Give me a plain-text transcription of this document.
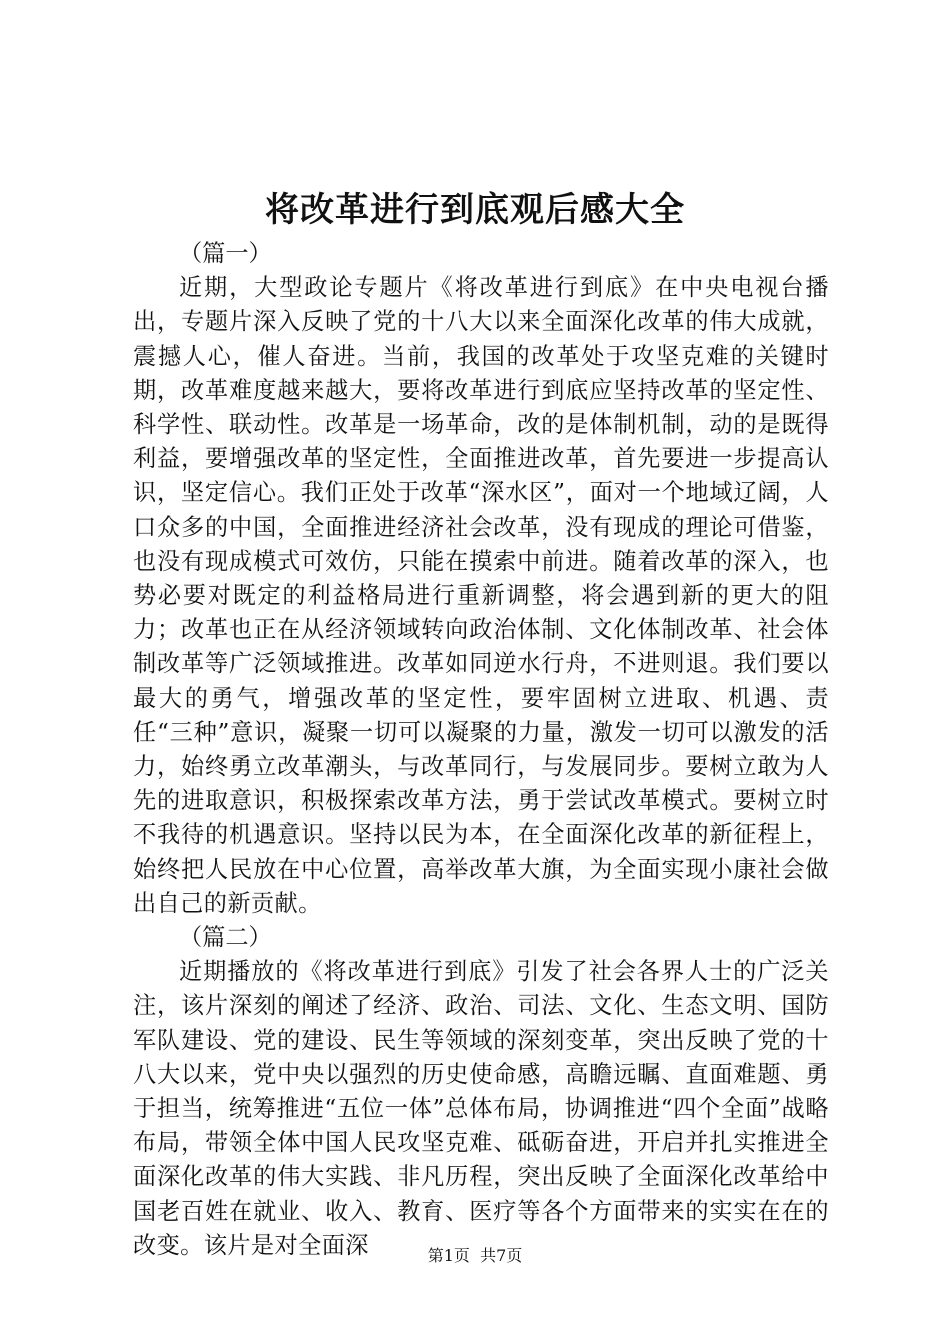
将改革进行到底观后感大全

（篇一）

近期，大型政论专题片《将改革进行到底》在中央电视台播出，专题片深入反映了党的十八大以来全面深化改革的伟大成就，震撼人心，催人奋进。当前，我国的改革处于攻坚克难的关键时期，改革难度越来越大，要将改革进行到底应坚持改革的坚定性、科学性、联动性。改革是一场革命，改的是体制机制，动的是既得利益，要增强改革的坚定性，全面推进改革，首先要进一步提高认识，坚定信心。我们正处于改革“深水区”，面对一个地域辽阔，人口众多的中国，全面推进经济社会改革，没有现成的理论可借鉴，也没有现成模式可效仿，只能在摸索中前进。随着改革的深入，也势必要对既定的利益格局进行重新调整，将会遇到新的更大的阻力；改革也正在从经济领域转向政治体制、文化体制改革、社会体制改革等广泛领域推进。改革如同逆水行舟，不进则退。我们要以最大的勇气，增强改革的坚定性，要牢固树立进取、机遇、责任“三种”意识，凝聚一切可以凝聚的力量，激发一切可以激发的活力，始终勇立改革潮头，与改革同行，与发展同步。要树立敢为人先的进取意识，积极探索改革方法，勇于尝试改革模式。要树立时不我待的机遇意识。坚持以民为本，在全面深化改革的新征程上，始终把人民放在中心位置，高举改革大旗，为全面实现小康社会做出自己的新贡献。

（篇二）

近期播放的《将改革进行到底》引发了社会各界人士的广泛关注，该片深刻的阐述了经济、政治、司法、文化、生态文明、国防军队建设、党的建设、民生等领域的深刻变革，突出反映了党的十八大以来，党中央以强烈的历史使命感，高瞻远瞩、直面难题、勇于担当，统筹推进“五位一体”总体布局，协调推进“四个全面”战略布局，带领全体中国人民攻坚克难、砥砺奋进，开启并扎实推进全面深化改革的伟大实践、非凡历程，突出反映了全面深化改革给中国老百姓在就业、收入、教育、医疗等各个方面带来的实实在在的改变。该片是对全面深	第1页  共7页
